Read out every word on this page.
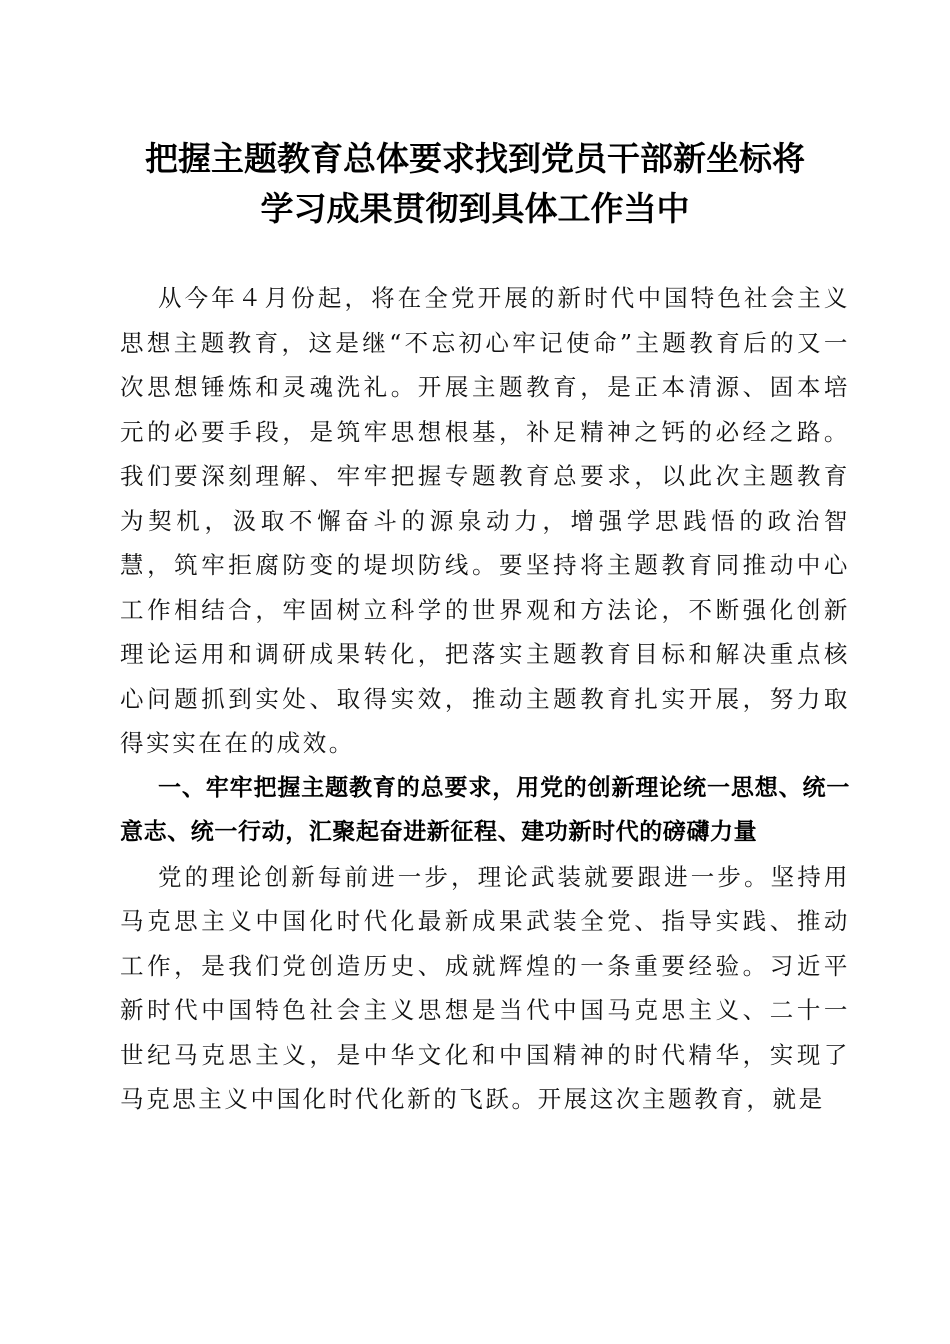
把握主题教育总体要求找到党员干部新坐标将
学习成果贯彻到具体工作当中

从今年４月份起，将在全党开展的新时代中国特色社会主义思想主题教育，这是继“不忘初心牢记使命”主题教育后的又一次思想锤炼和灵魂洗礼。开展主题教育，是正本清源、固本培元的必要手段，是筑牢思想根基，补足精神之钙的必经之路。我们要深刻理解、牢牢把握专题教育总要求，以此次主题教育为契机，汲取不懈奋斗的源泉动力，增强学思践悟的政治智慧，筑牢拒腐防变的堤坝防线。要坚持将主题教育同推动中心工作相结合，牢固树立科学的世界观和方法论，不断强化创新理论运用和调研成果转化，把落实主题教育目标和解决重点核心问题抓到实处、取得实效，推动主题教育扎实开展，努力取得实实在在的成效。

一、牢牢把握主题教育的总要求，用党的创新理论统一思想、统一意志、统一行动，汇聚起奋进新征程、建功新时代的磅礴力量

党的理论创新每前进一步，理论武装就要跟进一步。坚持用马克思主义中国化时代化最新成果武装全党、指导实践、推动工作，是我们党创造历史、成就辉煌的一条重要经验。习近平新时代中国特色社会主义思想是当代中国马克思主义、二十一世纪马克思主义，是中华文化和中国精神的时代精华，实现了马克思主义中国化时代化新的飞跃。开展这次主题教育，就是
